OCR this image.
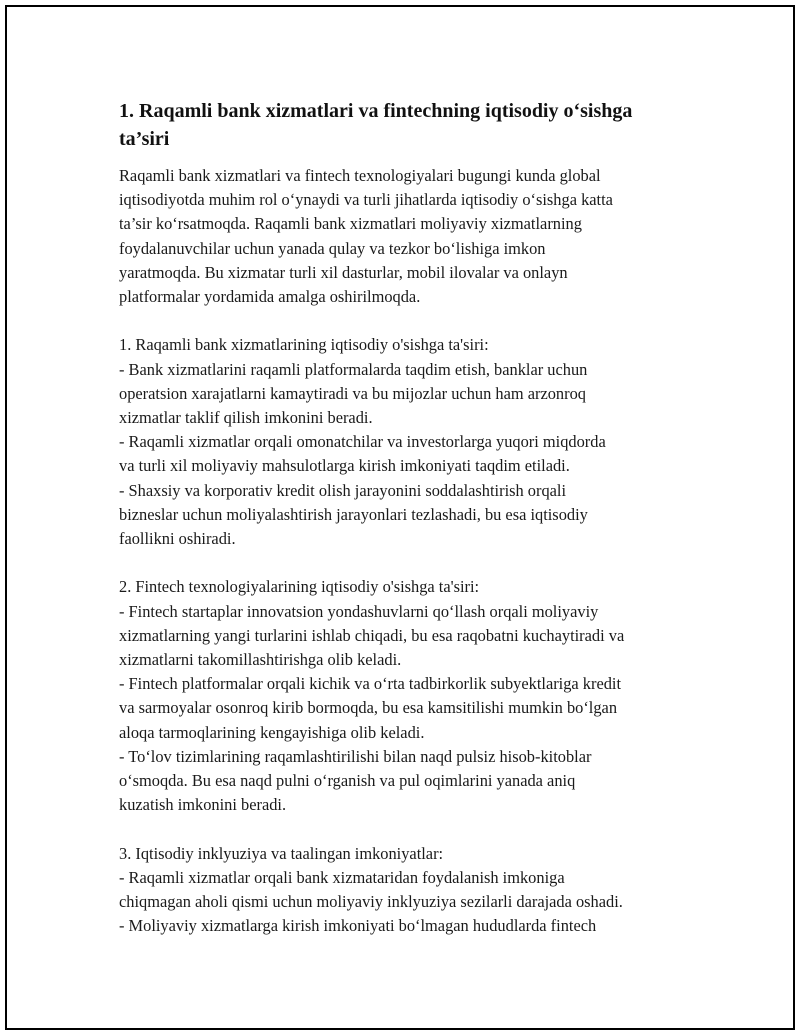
1. Raqamli bank xizmatlari va fintechning iqtisodiy o‘sishga
ta’siri
Raqamli bank xizmatlari va fintech texnologiyalari bugungi kunda global
iqtisodiyotda muhim rol o‘ynaydi va turli jihatlarda iqtisodiy o‘sishga katta
ta’sir ko‘rsatmoqda. Raqamli bank xizmatlari moliyaviy xizmatlarning
foydalanuvchilar uchun yanada qulay va tezkor bo‘lishiga imkon
yaratmoqda. Bu xizmatar turli xil dasturlar, mobil ilovalar va onlayn
platformalar yordamida amalga oshirilmoqda.
1. Raqamli bank xizmatlarining iqtisodiy o'sishga ta'siri:
- Bank xizmatlarini raqamli platformalarda taqdim etish, banklar uchun
operatsion xarajatlarni kamaytiradi va bu mijozlar uchun ham arzonroq
xizmatlar taklif qilish imkonini beradi.
- Raqamli xizmatlar orqali omonatchilar va investorlarga yuqori miqdorda
va turli xil moliyaviy mahsulotlarga kirish imkoniyati taqdim etiladi.
- Shaxsiy va korporativ kredit olish jarayonini soddalashtirish orqali
bizneslar uchun moliyalashtirish jarayonlari tezlashadi, bu esa iqtisodiy
faollikni oshiradi.
2. Fintech texnologiyalarining iqtisodiy o'sishga ta'siri:
- Fintech startaplar innovatsion yondashuvlarni qo‘llash orqali moliyaviy
xizmatlarning yangi turlarini ishlab chiqadi, bu esa raqobatni kuchaytiradi va
xizmatlarni takomillashtirishga olib keladi.
- Fintech platformalar orqali kichik va o‘rta tadbirkorlik subyektlariga kredit
va sarmoyalar osonroq kirib bormoqda, bu esa kamsitilishi mumkin bo‘lgan
aloqa tarmoqlarining kengayishiga olib keladi.
- To‘lov tizimlarining raqamlashtirilishi bilan naqd pulsiz hisob-kitoblar
o‘smoqda. Bu esa naqd pulni o‘rganish va pul oqimlarini yanada aniq
kuzatish imkonini beradi.
3. Iqtisodiy inklyuziya va taalingan imkoniyatlar:
- Raqamli xizmatlar orqali bank xizmataridan foydalanish imkoniga
chiqmagan aholi qismi uchun moliyaviy inklyuziya sezilarli darajada oshadi.
- Moliyaviy xizmatlarga kirish imkoniyati bo‘lmagan hududlarda fintech
